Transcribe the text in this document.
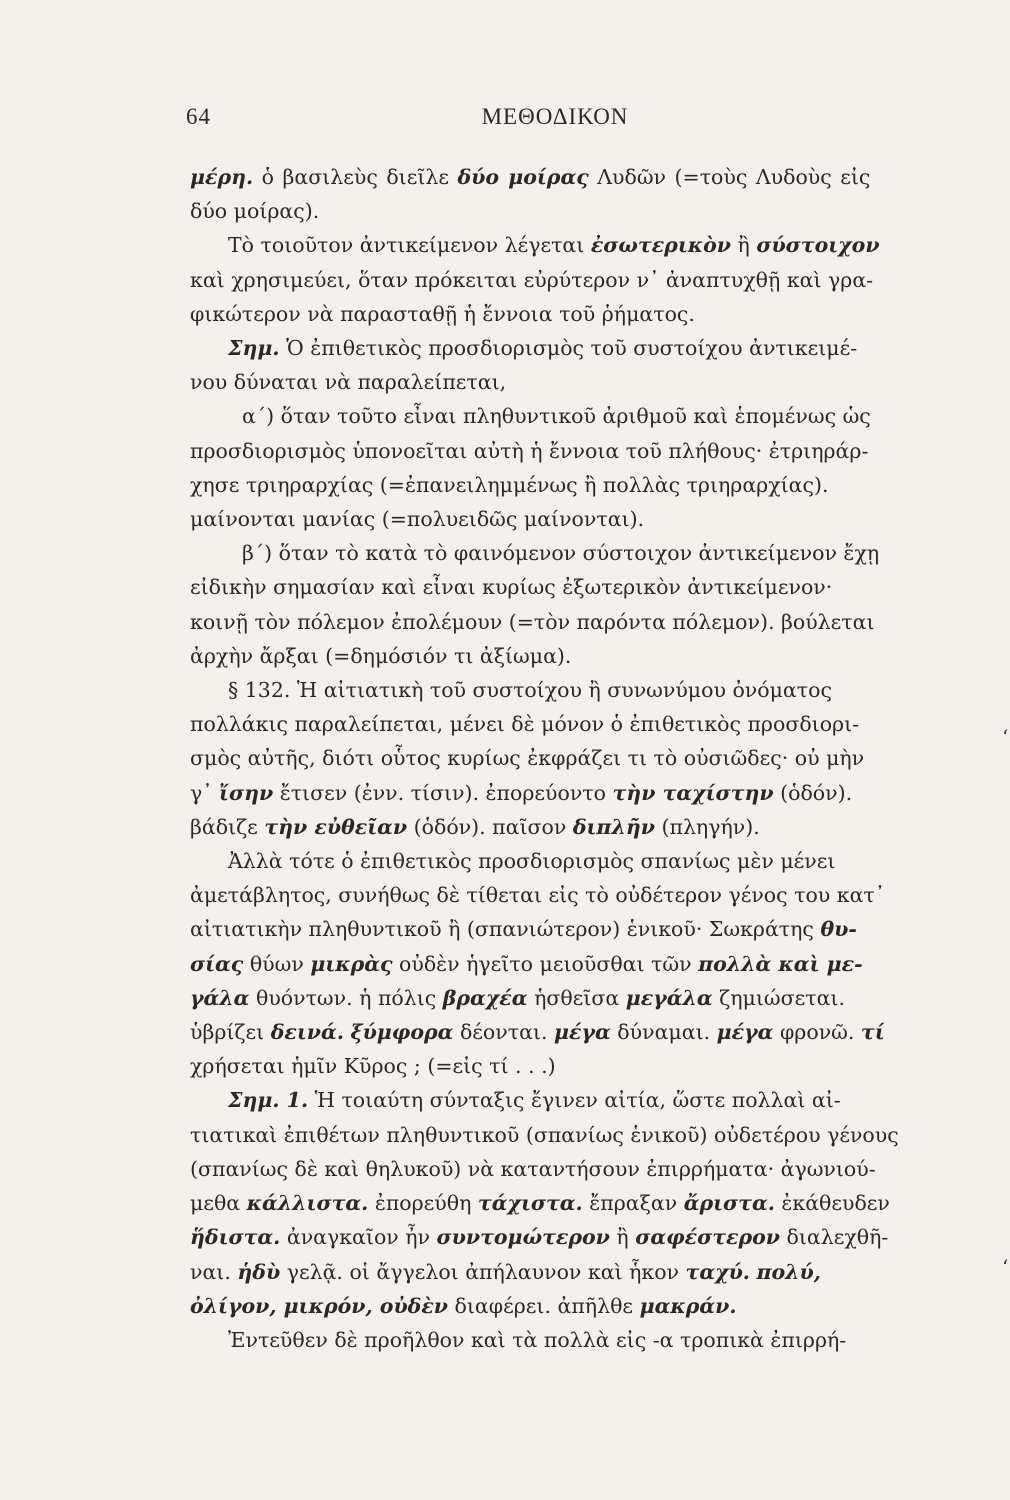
64	ΜΕΘΟΔΙΚΟΝ
‘
‘
μέρη. ὁ βασιλεὺς διεῖλε δύο μοίρας Λυδῶν (=τοὺς Λυδοὺς εἰς
δύο μοίρας).
Τὸ τοιοῦτον ἀντικείμενον λέγεται ἐσωτερικὸν ἢ σύστοιχον
καὶ χρησιμεύει, ὅταν πρόκειται εὐρύτερον ν᾿ ἀναπτυχθῇ καὶ γρα-
φικώτερον νὰ παρασταθῇ ἡ ἔννοια τοῦ ῥήματος.
Σημ. Ὁ ἐπιθετικὸς προσδιορισμὸς τοῦ συστοίχου ἀντικειμέ-
νου δύναται νὰ παραλείπεται,
α΄) ὅταν τοῦτο εἶναι πληθυντικοῦ ἀριθμοῦ καὶ ἑπομένως ὡς
προσδιορισμὸς ὑπονοεῖται αὐτὴ ἡ ἔννοια τοῦ πλήθους· ἐτριηράρ-
χησε τριηραρχίας (=ἐπανειλημμένως ἢ πολλὰς τριηραρχίας).
μαίνονται μανίας (=πολυειδῶς μαίνονται).
β΄) ὅταν τὸ κατὰ τὸ φαινόμενον σύστοιχον ἀντικείμενον ἔχῃ
εἰδικὴν σημασίαν καὶ εἶναι κυρίως ἐξωτερικὸν ἀντικείμενον·
κοινῇ τὸν πόλεμον ἐπολέμουν (=τὸν παρόντα πόλεμον). βούλεται
ἀρχὴν ἄρξαι (=δημόσιόν τι ἀξίωμα).
§ 132. Ἡ αἰτιατικὴ τοῦ συστοίχου ἢ συνωνύμου ὀνόματος
πολλάκις παραλείπεται, μένει δὲ μόνον ὁ ἐπιθετικὸς προσδιορι-
σμὸς αὐτῆς, διότι οὗτος κυρίως ἐκφράζει τι τὸ οὐσιῶδες· οὐ μὴν
γ᾿ ἴσην ἔτισεν (ἐνν. τίσιν). ἐπορεύοντο τὴν ταχίστην (ὁδόν).
βάδιζε τὴν εὐθεῖαν (ὁδόν). παῖσον διπλῆν (πληγήν).
Ἀλλὰ τότε ὁ ἐπιθετικὸς προσδιορισμὸς σπανίως μὲν μένει
ἀμετάβλητος, συνήθως δὲ τίθεται εἰς τὸ οὐδέτερον γένος του κατ᾿
αἰτιατικὴν πληθυντικοῦ ἢ (σπανιώτερον) ἑνικοῦ· Σωκράτης θυ-
σίας θύων μικρὰς οὐδὲν ἡγεῖτο μειοῦσθαι τῶν πολλὰ καὶ με-
γάλα θυόντων. ἡ πόλις βραχέα ἡσθεῖσα μεγάλα ζημιώσεται.
ὑβρίζει δεινά. ξύμφορα δέονται. μέγα δύναμαι. μέγα φρονῶ. τί
χρήσεται ἡμῖν Κῦρος ; (=εἰς τί . . .)
Σημ. 1. Ἡ τοιαύτη σύνταξις ἔγινεν αἰτία, ὥστε πολλαὶ αἰ-
τιατικαὶ ἐπιθέτων πληθυντικοῦ (σπανίως ἑνικοῦ) οὐδετέρου γένους
(σπανίως δὲ καὶ θηλυκοῦ) νὰ καταντήσουν ἐπιρρήματα· ἀγωνιού-
μεθα κάλλιστα. ἐπορεύθη τάχιστα. ἔπραξαν ἄριστα. ἐκάθευδεν
ἥδιστα. ἀναγκαῖον ἦν συντομώτερον ἢ σαφέστερον διαλεχθῆ-
ναι. ἡδὺ γελᾷ. οἱ ἄγγελοι ἀπήλαυνον καὶ ἧκον ταχύ. πολύ,
ὀλίγον, μικρόν, οὐδὲν διαφέρει. ἀπῆλθε μακράν.
Ἐντεῦθεν δὲ προῆλθον καὶ τὰ πολλὰ εἰς -α τροπικὰ ἐπιρρή-
